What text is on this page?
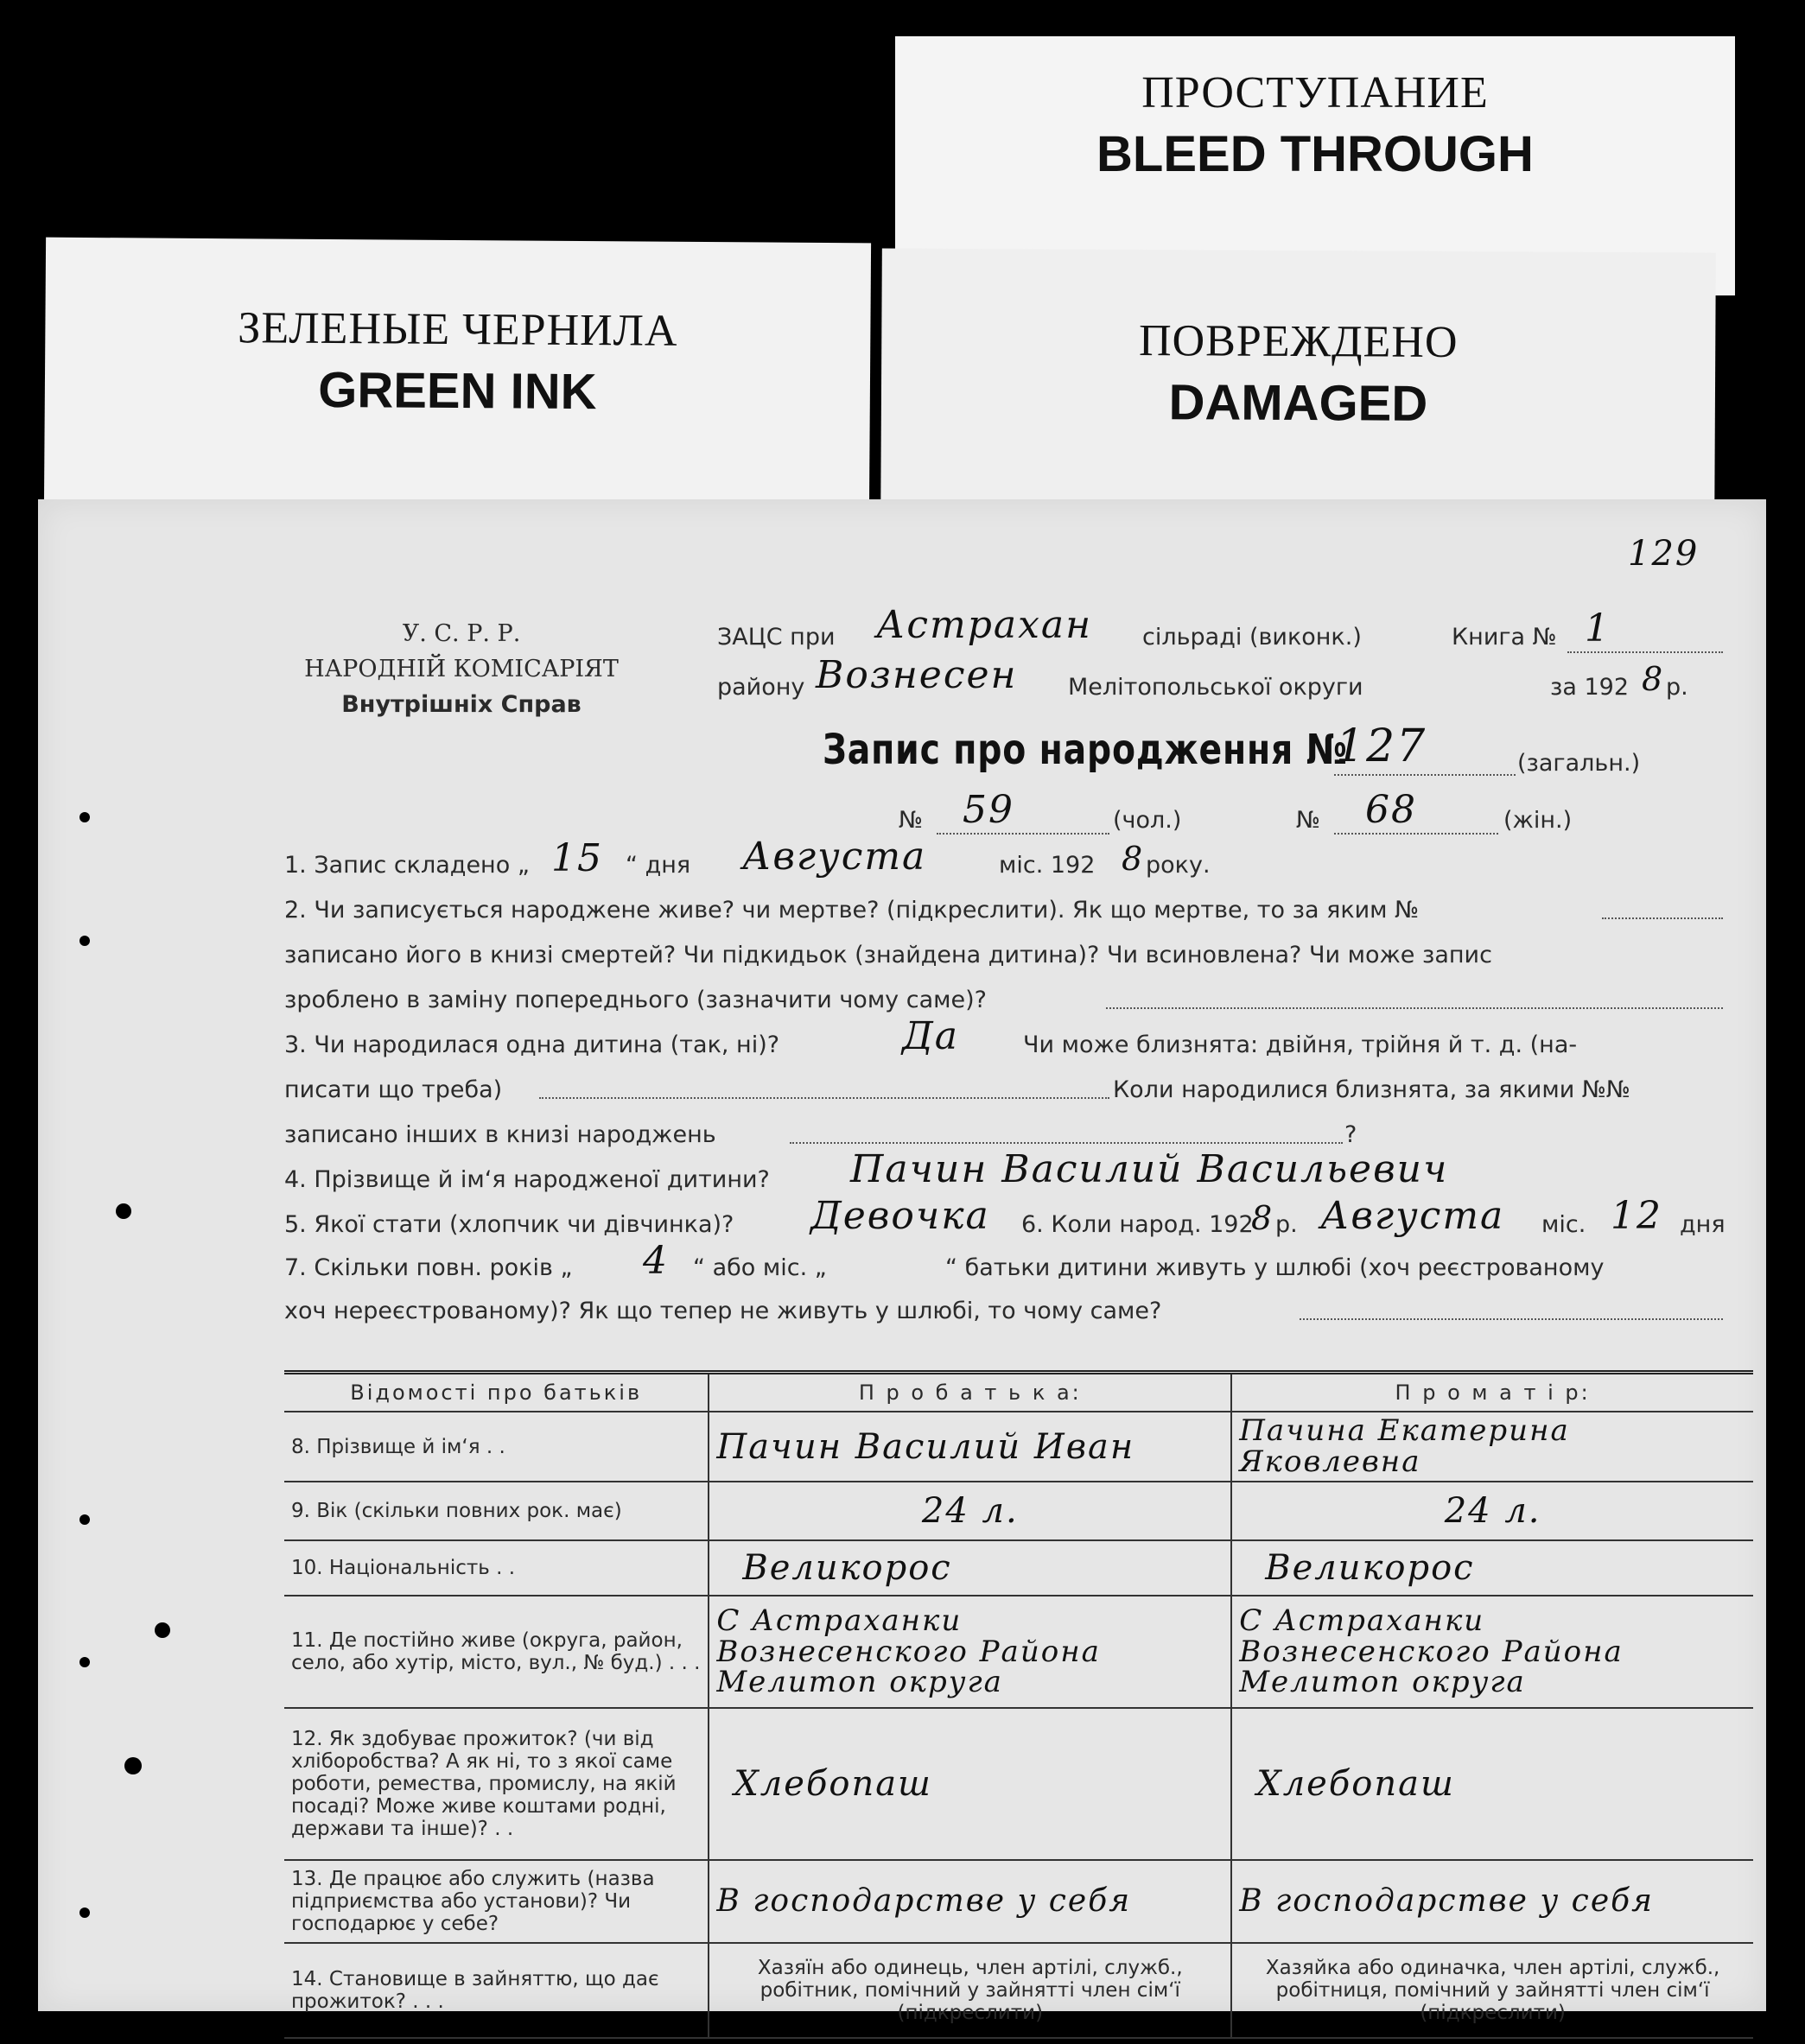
ЗЕЛЕНЫЕ ЧЕРНИЛА
GREEN INK
ПРОСТУПАНИЕ
BLEED THROUGH
ПОВРЕЖДЕНО
DAMAGED
129
У. С. Р. Р.
НАРОДНІЙ КОМІСАРІЯТ
Внутрішніх Справ
ЗАЦС при Астрахан сільраді (виконк.)	Книга № 1
району Вознесен Мелітопольської округи	за 192 8 р.
Запис про народження №
127	(загальн.)
№ 59	(чол.)	№ 68	(жін.)
1. Запис складено „ 15 “ дня Августа	міс. 192 8 року.
2. Чи записується народжене живе? чи мертве? (підкреслити). Як що мертве, то за яким №
записано його в книзі смертей? Чи підкидьок (знайдена дитина)? Чи всиновлена? Чи може запис
зроблено в заміну попереднього (зазначити чому саме)?
3. Чи народилася одна дитина (так, ні)?	Да	Чи може близнята: двійня, трійня й т. д. (на-
писати що треба)	Коли народилися близнята, за якими №№
записано інших в книзі народжень	?
4. Прізвище й ім‘я народженої дитини? Пачин Василий Васильевич
5. Якої стати (хлопчик чи дівчинка)? Девочка 6. Коли народ. 192
8 р. Августа міс. 12 дня
7. Скільки повн. років „ 4 “ або міс. „	“ батьки дитини живуть у шлюбі (хоч реєстрованому
хоч нереєстрованому)? Як що тепер не живуть у шлюбі, то чому саме?
Відомості про батьків	П р о б а т ь к а:	П р о м а т і р:
8. Прізвище й ім‘я . .	Пачин Василий Иван	Пачина Екатерина Яковлевна

9. Вік (скільки повних рок. має)	24 л.	24 л.

10. Національність . .	Великорос	Великорос

11. Де постійно живе (округа, район, село, або хутір, місто, вул., № буд.) . . .	С Астраханки Вознесенского Района Мелитоп округа	С Астраханки Вознесенского Района Мелитоп округа

12. Як здобуває прожиток? (чи від хліборобства? А як ні, то з якої саме роботи, ремества, промислу, на якій посаді? Може живе коштами родні, держави та інше)? . .	Хлебопаш	Хлебопаш

13. Де працює або служить (назва підприємства або установи)? Чи господарює у себе?	В господарстве у себя	В господарстве у себя

14. Становище в зайняттю, що дає прожиток? . . .	Хазяїн або одинець, член артілі, служб., робітник, помічний у зайнятті член сім‘ї (підкреслити)	Хазяйка або одиначка, член артілі, служб., робітниця, помічний у зайнятті член сім‘ї (підкреслити)
